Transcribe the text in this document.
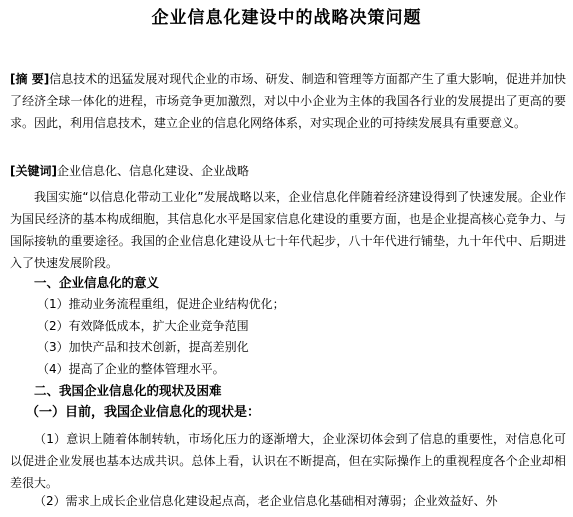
企业信息化建设中的战略决策问题
[摘 要]信息技术的迅猛发展对现代企业的市场、研发、制造和管理等方面都产生了重大影响，促进并加快了经济全球一体化的进程，市场竞争更加激烈，对以中小企业为主体的我国各行业的发展提出了更高的要求。因此，利用信息技术，建立企业的信息化网络体系，对实现企业的可持续发展具有重要意义。
[关键词]企业信息化、信息化建设、企业战略
我国实施“以信息化带动工业化”发展战略以来，企业信息化伴随着经济建设得到了快速发展。企业作为国民经济的基本构成细胞，其信息化水平是国家信息化建设的重要方面，也是企业提高核心竞争力、与国际接轨的重要途径。我国的企业信息化建设从七十年代起步，八十年代进行铺垫，九十年代中、后期进入了快速发展阶段。
一、企业信息化的意义
（1）推动业务流程重组，促进企业结构优化；
（2）有效降低成本，扩大企业竞争范围
（3）加快产品和技术创新，提高差别化
（4）提高了企业的整体管理水平。
二、我国企业信息化的现状及困难
（一）目前，我国企业信息化的现状是：
（1）意识上随着体制转轨，市场化压力的逐渐增大，企业深切体会到了信息的重要性，对信息化可以促进企业发展也基本达成共识。总体上看，认识在不断提高，但在实际操作上的重视程度各个企业却相差很大。
（2）需求上成长企业信息化建设起点高，老企业信息化基础相对薄弱；企业效益好、外
